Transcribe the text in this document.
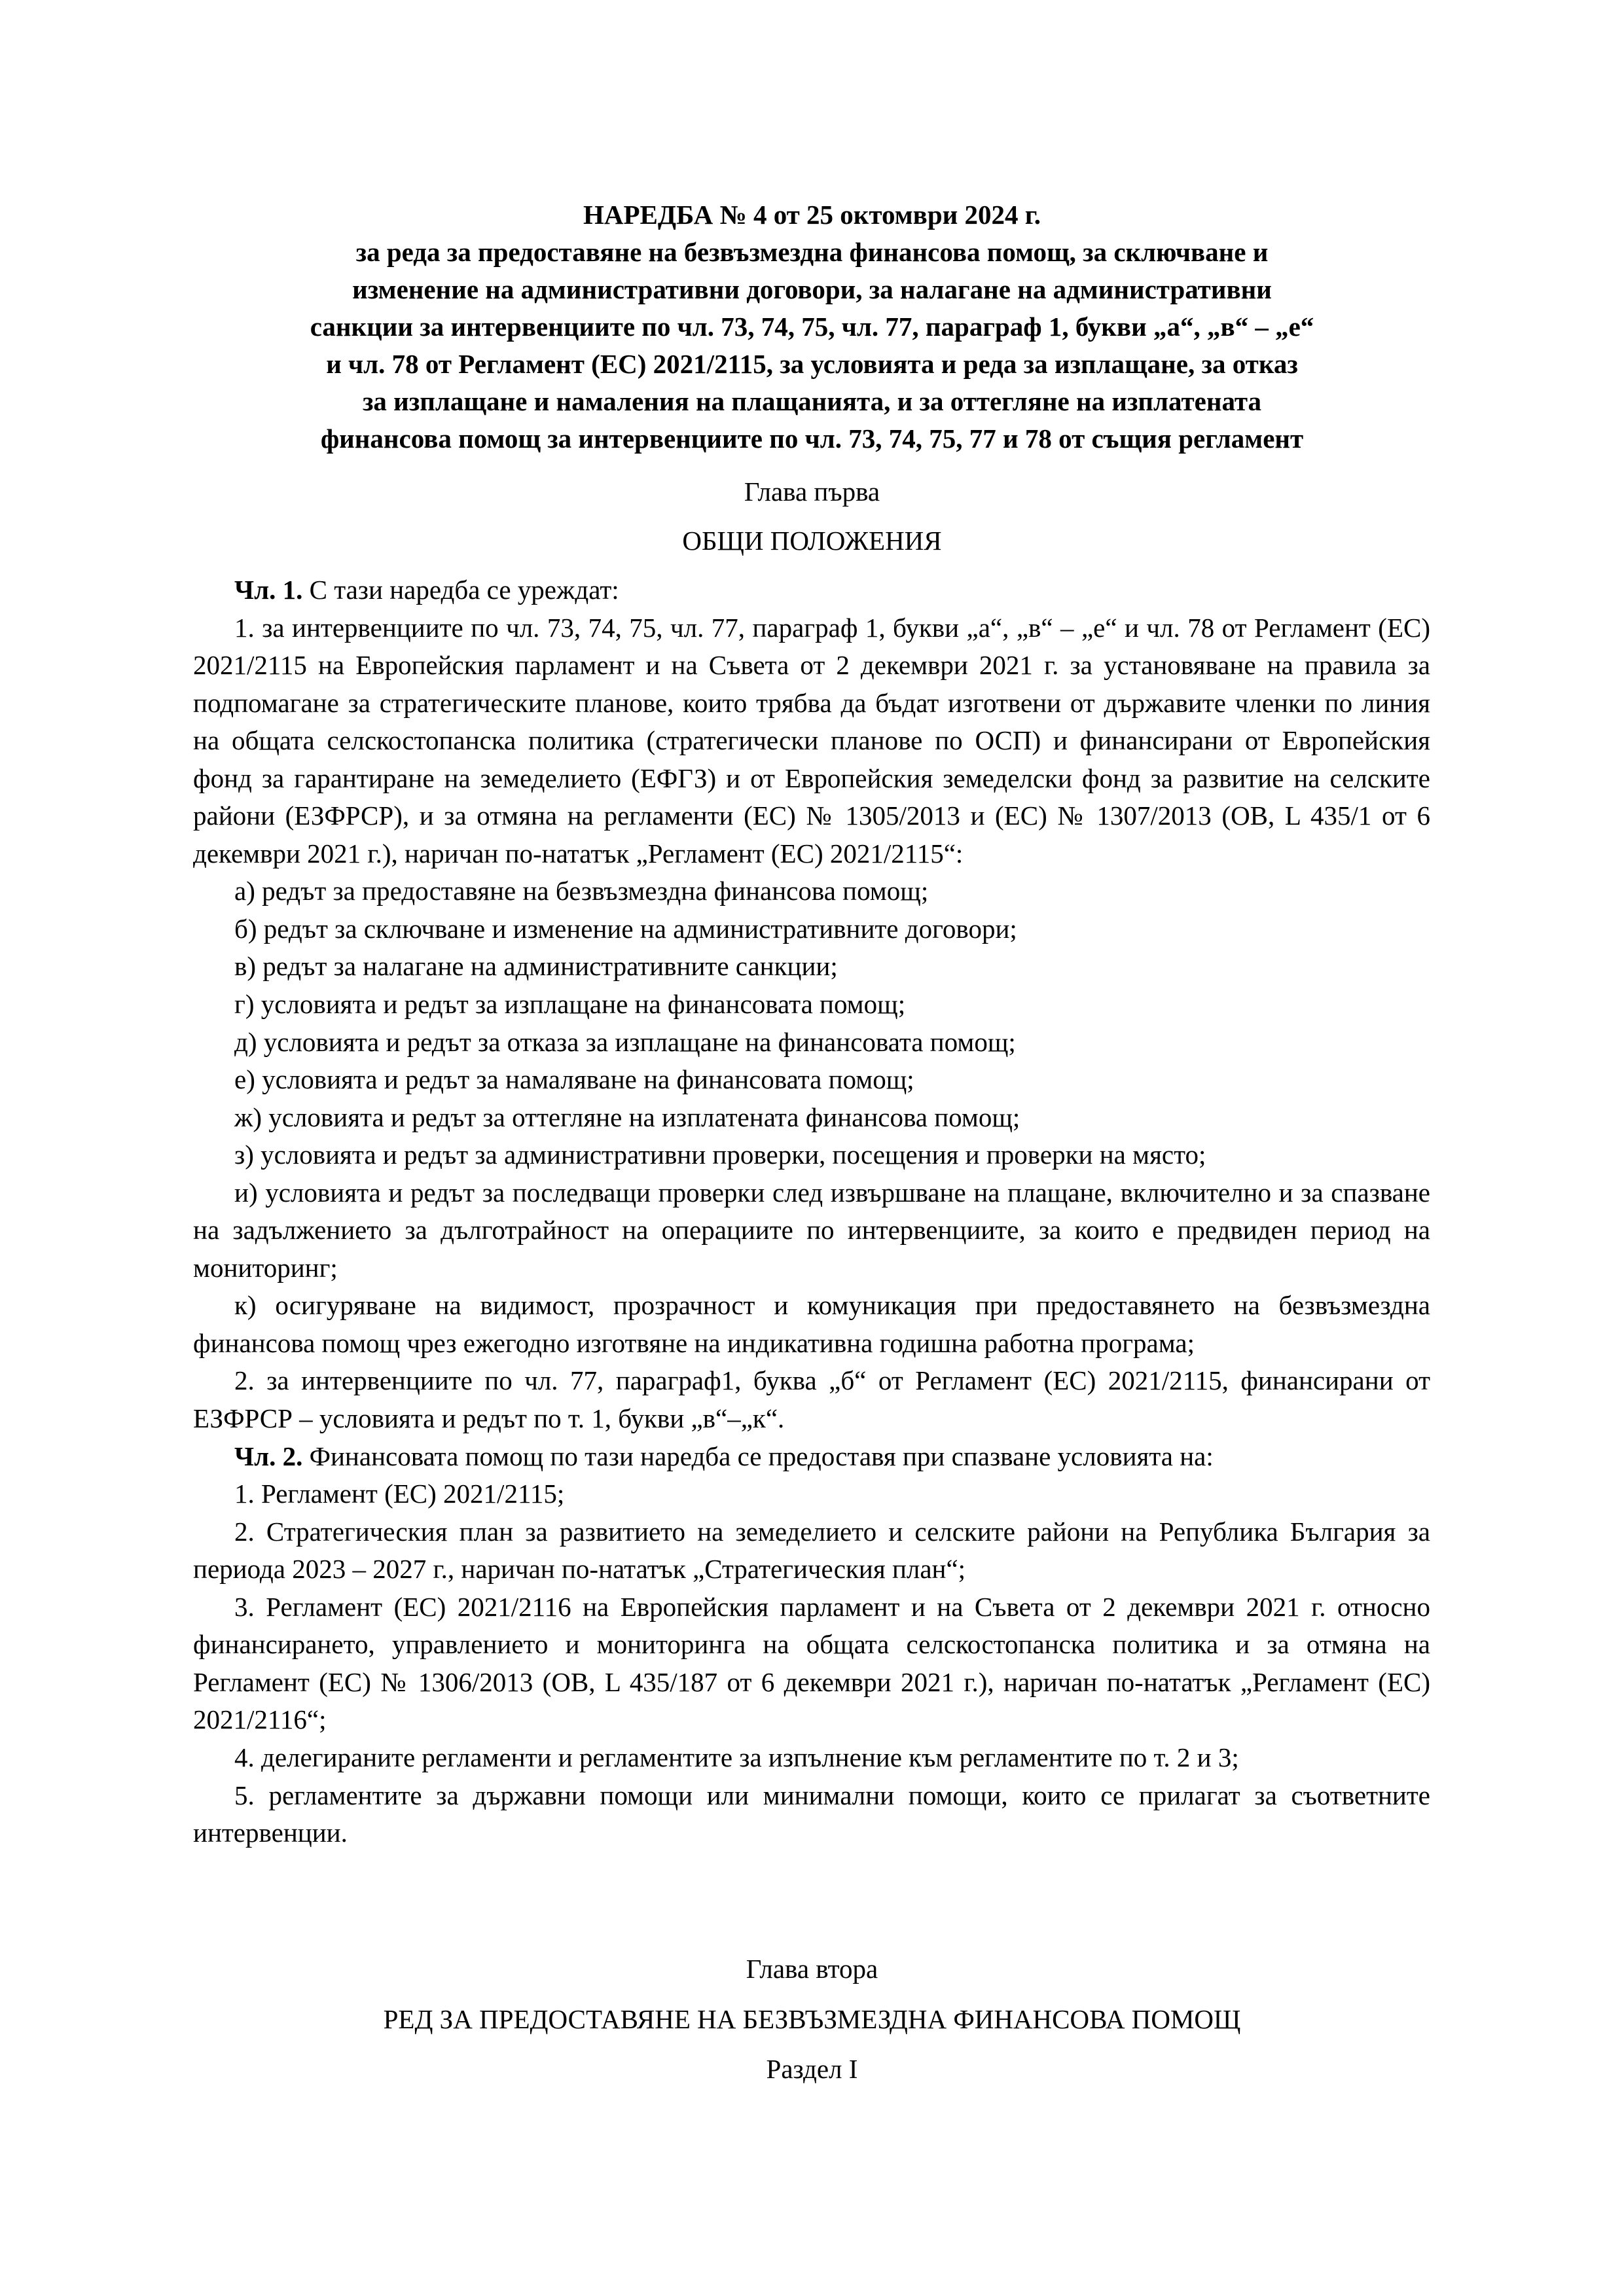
НАРЕДБА № 4 от 25 октомври 2024 г.
за реда за предоставяне на безвъзмездна финансова помощ, за сключване и
изменение на административни договори, за налагане на административни
санкции за интервенциите по чл. 73, 74, 75, чл. 77, параграф 1, букви „а“, „в“ – „е“
и чл. 78 от Регламент (ЕС) 2021/2115, за условията и реда за изплащане, за отказ
за изплащане и намаления на плащанията, и за оттегляне на изплатената
финансова помощ за интервенциите по чл. 73, 74, 75, 77 и 78 от същия регламент
Глава първа
ОБЩИ ПОЛОЖЕНИЯ

Чл. 1. С тази наредба се уреждат:

1. за интервенциите по чл. 73, 74, 75, чл. 77, параграф 1, букви „а“, „в“ – „е“ и чл. 78 от Регламент (ЕС) 2021/2115 на Европейския парламент и на Съвета от 2 декември 2021 г. за установяване на правила за подпомагане за стратегическите планове, които трябва да бъдат изготвени от държавите членки по линия на общата селскостопанска политика (стратегически планове по ОСП) и финансирани от Европейския фонд за гарантиране на земеделието (ЕФГЗ) и от Европейския земеделски фонд за развитие на селските райони (ЕЗФРСР), и за отмяна на регламенти (ЕС) № 1305/2013 и (ЕС) № 1307/2013 (ОВ, L 435/1 от 6 декември 2021 г.), наричан по-нататък „Регламент (ЕС) 2021/2115“:

а) редът за предоставяне на безвъзмездна финансова помощ;

б) редът за сключване и изменение на административните договори;

в) редът за налагане на административните санкции;

г) условията и редът за изплащане на финансовата помощ;

д) условията и редът за отказа за изплащане на финансовата помощ;

е) условията и редът за намаляване на финансовата помощ;

ж) условията и редът за оттегляне на изплатената финансова помощ;

з) условията и редът за административни проверки, посещения и проверки на място;

и) условията и редът за последващи проверки след извършване на плащане, включително и за спазване на задължението за дълготрайност на операциите по интервенциите, за които е предвиден период на мониторинг;

к) осигуряване на видимост, прозрачност и комуникация при предоставянето на безвъзмездна финансова помощ чрез ежегодно изготвяне на индикативна годишна работна програма;

2. за интервенциите по чл. 77, параграф1, буква „б“ от Регламент (ЕС) 2021/2115, финансирани от ЕЗФРСР – условията и редът по т. 1, букви „в“–„к“.

Чл. 2. Финансовата помощ по тази наредба се предоставя при спазване условията на:

1. Регламент (ЕС) 2021/2115;

2. Стратегическия план за развитието на земеделието и селските райони на Република България за периода 2023 – 2027 г., наричан по-нататък „Стратегическия план“;

3. Регламент (ЕС) 2021/2116 на Европейския парламент и на Съвета от 2 декември 2021 г. относно финансирането, управлението и мониторинга на общата селскостопанска политика и за отмяна на Регламент (ЕС) № 1306/2013 (ОВ, L 435/187 от 6 декември 2021 г.), наричан по-нататък „Регламент (ЕС) 2021/2116“;

4. делегираните регламенти и регламентите за изпълнение към регламентите по т. 2 и 3;

5. регламентите за държавни помощи или минимални помощи, които се прилагат за съответните интервенции.

Глава втора
РЕД ЗА ПРЕДОСТАВЯНЕ НА БЕЗВЪЗМЕЗДНА ФИНАНСОВА ПОМОЩ
Раздел I
